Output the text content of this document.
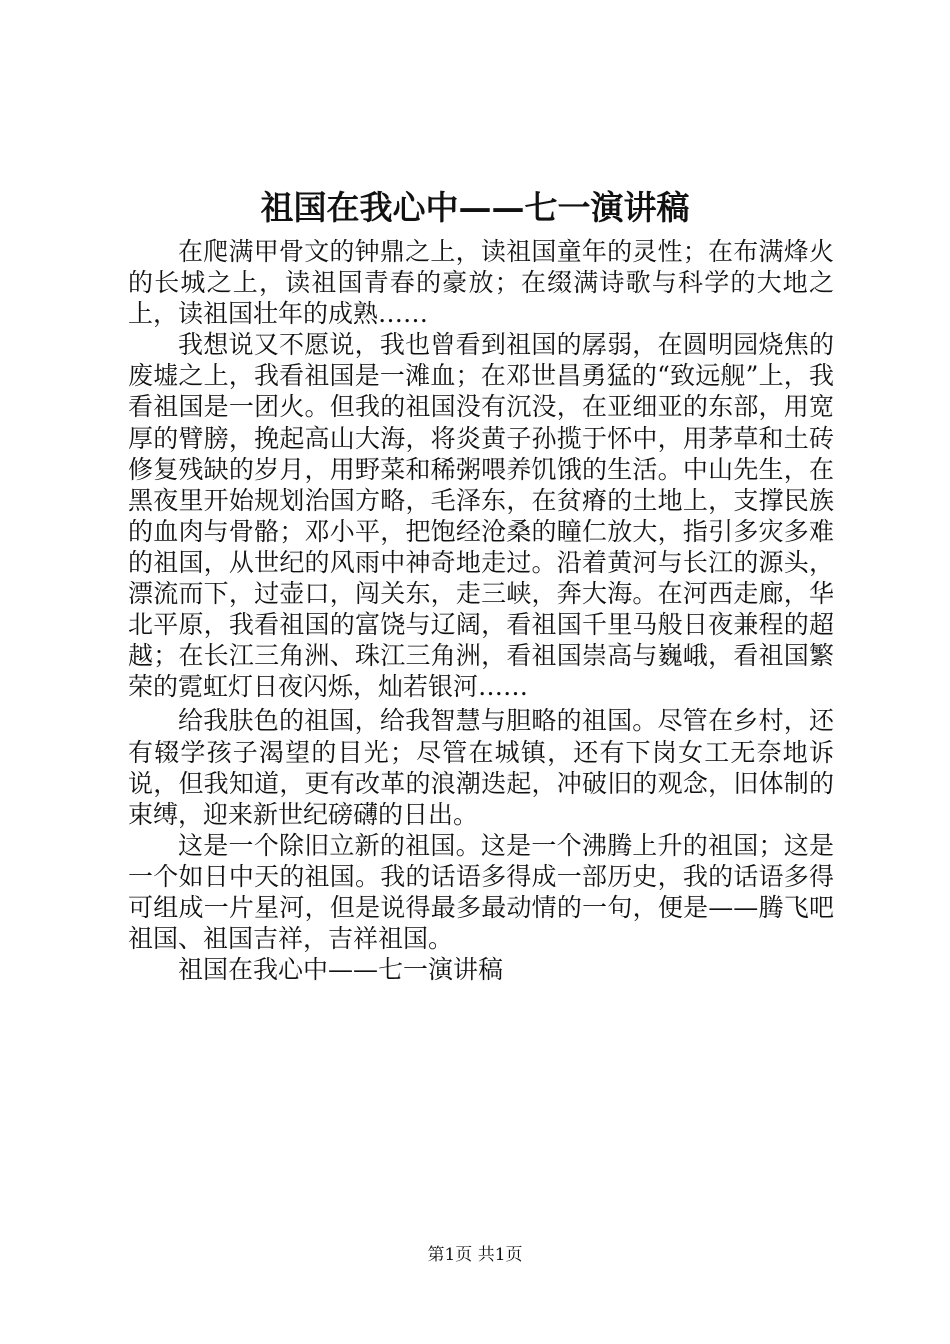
祖国在我心中——七一演讲稿

在爬满甲骨文的钟鼎之上，读祖国童年的灵性；在布满烽火的长城之上，读祖国青春的豪放；在缀满诗歌与科学的大地之上，读祖国壮年的成熟……

我想说又不愿说，我也曾看到祖国的孱弱，在圆明园烧焦的废墟之上，我看祖国是一滩血；在邓世昌勇猛的“致远舰”上，我看祖国是一团火。但我的祖国没有沉没，在亚细亚的东部，用宽厚的臂膀，挽起高山大海，将炎黄子孙揽于怀中，用茅草和土砖修复残缺的岁月，用野菜和稀粥喂养饥饿的生活。中山先生，在黑夜里开始规划治国方略，毛泽东，在贫瘠的土地上，支撑民族的血肉与骨骼；邓小平，把饱经沧桑的瞳仁放大，指引多灾多难的祖国，从世纪的风雨中神奇地走过。沿着黄河与长江的源头，漂流而下，过壶口，闯关东，走三峡，奔大海。在河西走廊，华北平原，我看祖国的富饶与辽阔，看祖国千里马般日夜兼程的超越；在长江三角洲、珠江三角洲，看祖国崇高与巍峨，看祖国繁荣的霓虹灯日夜闪烁，灿若银河……

给我肤色的祖国，给我智慧与胆略的祖国。尽管在乡村，还有辍学孩子渴望的目光；尽管在城镇，还有下岗女工无奈地诉说，但我知道，更有改革的浪潮迭起，冲破旧的观念，旧体制的束缚，迎来新世纪磅礴的日出。

这是一个除旧立新的祖国。这是一个沸腾上升的祖国；这是一个如日中天的祖国。我的话语多得成一部历史，我的话语多得可组成一片星河，但是说得最多最动情的一句，便是——腾飞吧祖国、祖国吉祥，吉祥祖国。

祖国在我心中——七一演讲稿

第1页 共1页
